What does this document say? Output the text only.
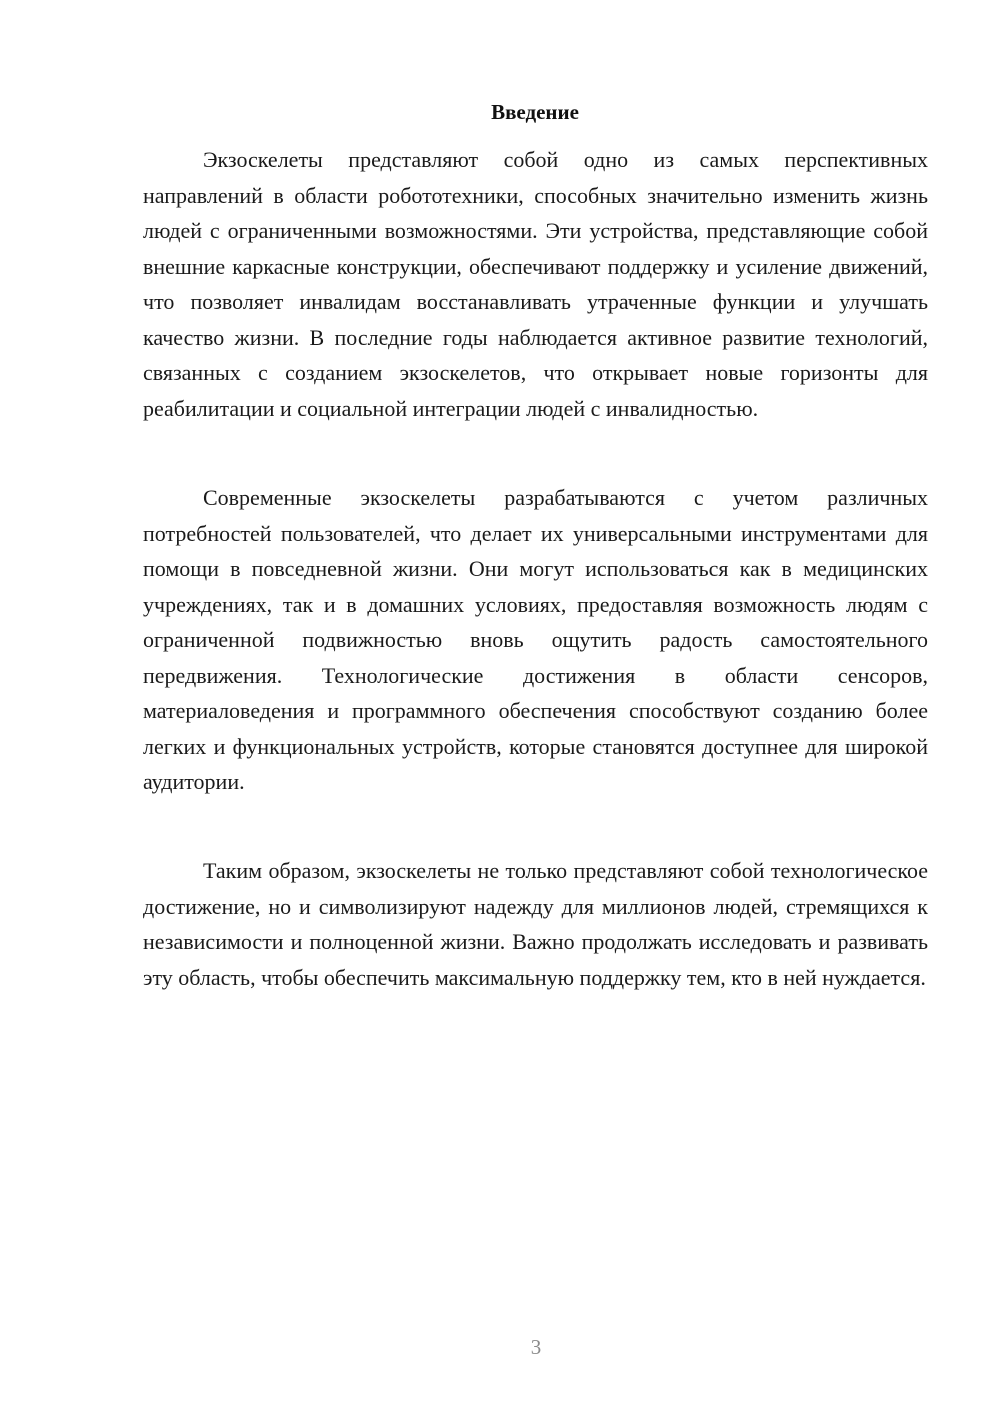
Введение

Экзоскелеты представляют собой одно из самых перспективных направлений в области робототехники, способных значительно изменить жизнь людей с ограниченными возможностями. Эти устройства, представляющие собой внешние каркасные конструкции, обеспечивают поддержку и усиление движений, что позволяет инвалидам восстанавливать утраченные функции и улучшать качество жизни. В последние годы наблюдается активное развитие технологий, связанных с созданием экзоскелетов, что открывает новые горизонты для реабилитации и социальной интеграции людей с инвалидностью.

Современные экзоскелеты разрабатываются с учетом различных потребностей пользователей, что делает их универсальными инструментами для помощи в повседневной жизни. Они могут использоваться как в медицинских учреждениях, так и в домашних условиях, предоставляя возможность людям с ограниченной подвижностью вновь ощутить радость самостоятельного передвижения. Технологические достижения в области сенсоров, материаловедения и программного обеспечения способствуют созданию более легких и функциональных устройств, которые становятся доступнее для широкой аудитории.

Таким образом, экзоскелеты не только представляют собой технологическое достижение, но и символизируют надежду для миллионов людей, стремящихся к независимости и полноценной жизни. Важно продолжать исследовать и развивать эту область, чтобы обеспечить максимальную поддержку тем, кто в ней нуждается.

3
